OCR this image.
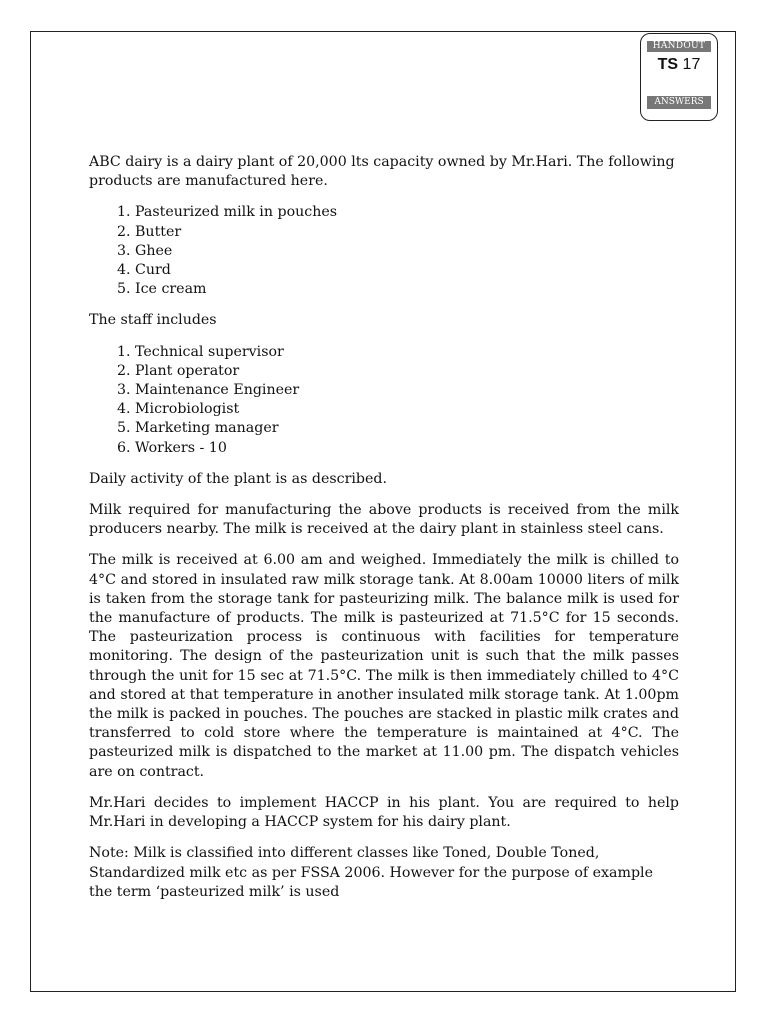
HANDOUT
TS 17
ANSWERS

ABC dairy is a dairy plant of 20,000 lts capacity owned by Mr.Hari. The following products are manufactured here.

1. Pasteurized milk in pouches
2. Butter
3. Ghee
4. Curd
5. Ice cream

The staff includes

1. Technical supervisor
2. Plant operator
3. Maintenance Engineer
4. Microbiologist
5. Marketing manager
6. Workers - 10

Daily activity of the plant is as described.

Milk required for manufacturing the above products is received from the milk producers nearby. The milk is received at the dairy plant in stainless steel cans.

The milk is received at 6.00 am and weighed. Immediately the milk is chilled to 4°C and stored in insulated raw milk storage tank. At 8.00am 10000 liters of milk is taken from the storage tank for pasteurizing milk. The balance milk is used for the manufacture of products. The milk is pasteurized at 71.5°C for 15 seconds. The pasteurization process is continuous with facilities for temperature monitoring. The design of the pasteurization unit is such that the milk passes through the unit for 15 sec at 71.5°C. The milk is then immediately chilled to 4°C and stored at that temperature in another insulated milk storage tank. At 1.00pm the milk is packed in pouches. The pouches are stacked in plastic milk crates and transferred to cold store where the temperature is maintained at 4°C. The pasteurized milk is dispatched to the market at 11.00 pm. The dispatch vehicles are on contract.

Mr.Hari decides to implement HACCP in his plant. You are required to help Mr.Hari in developing a HACCP system for his dairy plant.

Note: Milk is classified into different classes like Toned, Double Toned, Standardized milk etc as per FSSA 2006. However for the purpose of example the term ‘pasteurized milk’ is used
